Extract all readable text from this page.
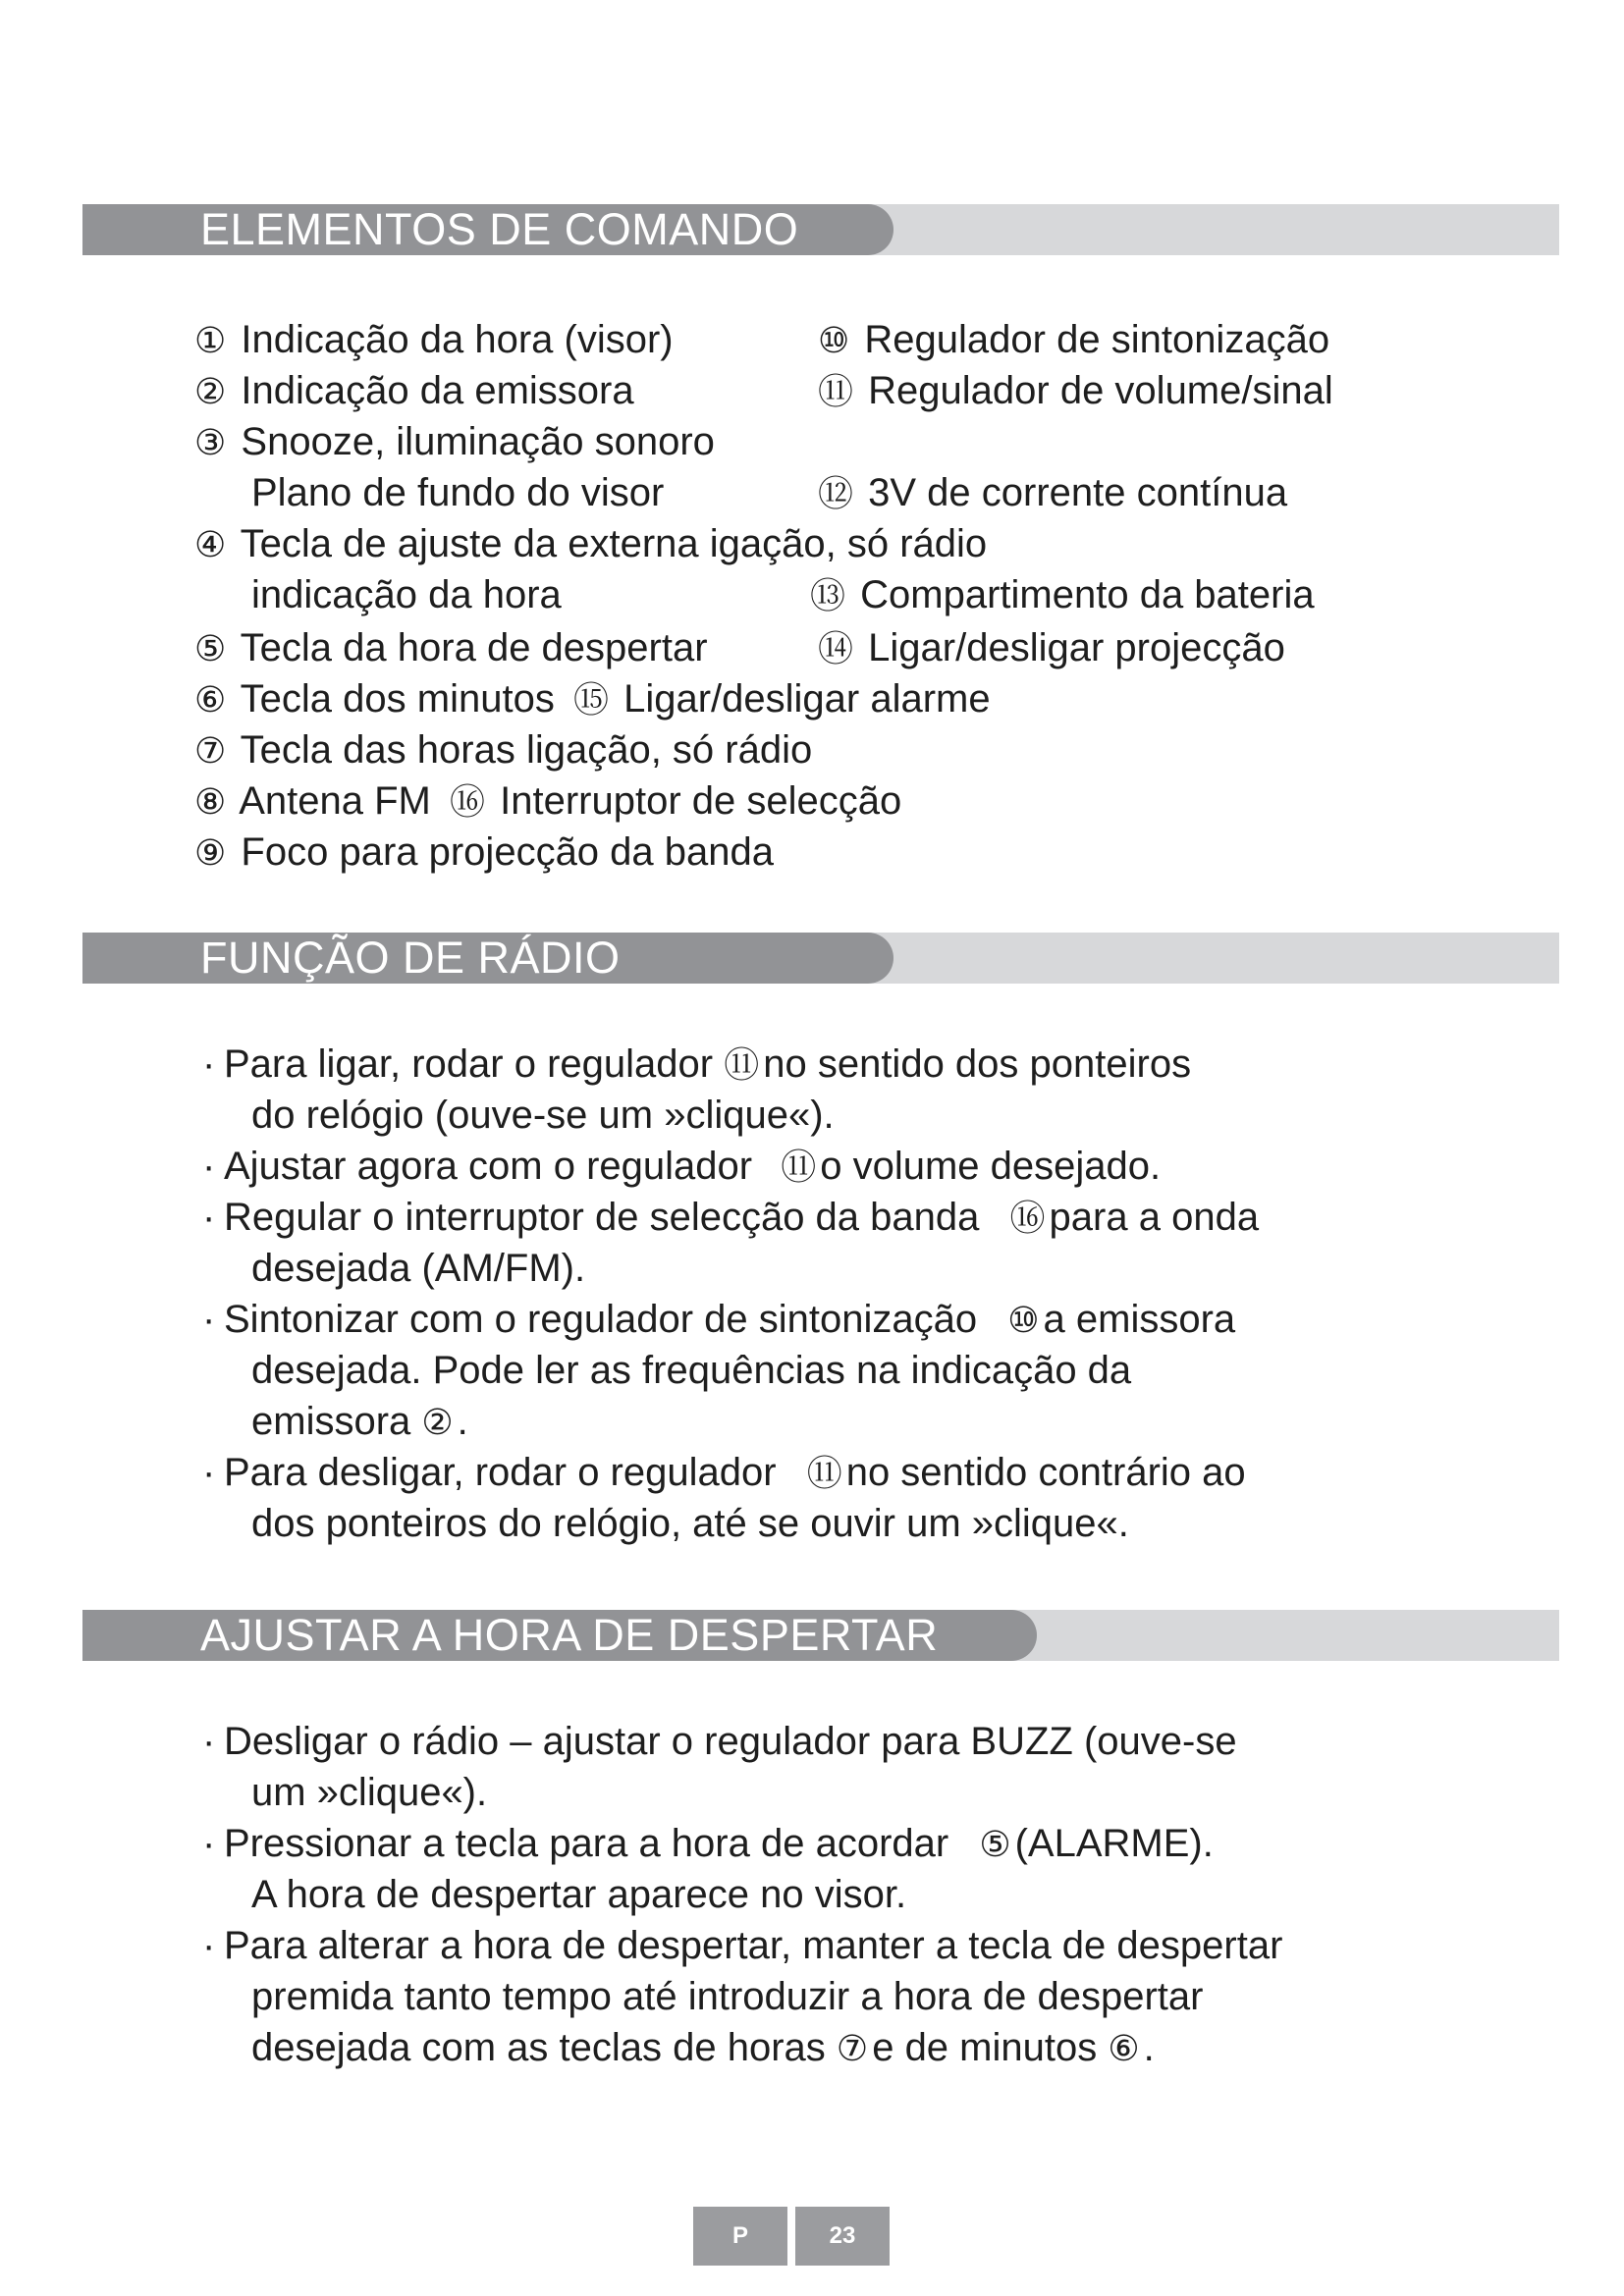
ELEMENTOS DE COMANDO
① Indicação da hora (visor)	⑩ Regulador de sintonização
② Indicação da emissora	⑪ Regulador de volume/sinal
③ Snooze, iluminação sonoro
Plano de fundo do visor	⑫ 3V de corrente contínua
④ Tecla de ajuste da externa igação, só rádio
indicação da hora	⑬ Compartimento da bateria
⑤ Tecla da hora de despertar	⑭ Ligar/desligar projecção
⑥ Tecla dos minutos ⑮ Ligar/desligar alarme
⑦ Tecla das horas ligação, só rádio
⑧ Antena FM ⑯ Interruptor de selecção
⑨ Foco para projecção da banda
FUNÇÃO DE RÁDIO
· Para ligar, rodar o regulador ⑪ no sentido dos ponteiros
do relógio (ouve-se um »clique«).
· Ajustar agora com o regulador ⑪ o volume desejado.
· Regular o interruptor de selecção da banda ⑯ para a onda
desejada (AM/FM).
· Sintonizar com o regulador de sintonização ⑩ a emissora
desejada. Pode ler as frequências na indicação da
emissora ② .
· Para desligar, rodar o regulador ⑪ no sentido contrário ao
dos ponteiros do relógio, até se ouvir um »clique«.
AJUSTAR A HORA DE DESPERTAR
· Desligar o rádio – ajustar o regulador para BUZZ (ouve-se
um »clique«).
· Pressionar a tecla para a hora de acordar ⑤ (ALARME).
A hora de despertar aparece no visor.
· Para alterar a hora de despertar, manter a tecla de despertar
premida tanto tempo até introduzir a hora de despertar
desejada com as teclas de horas ⑦ e de minutos ⑥ .
P	23
